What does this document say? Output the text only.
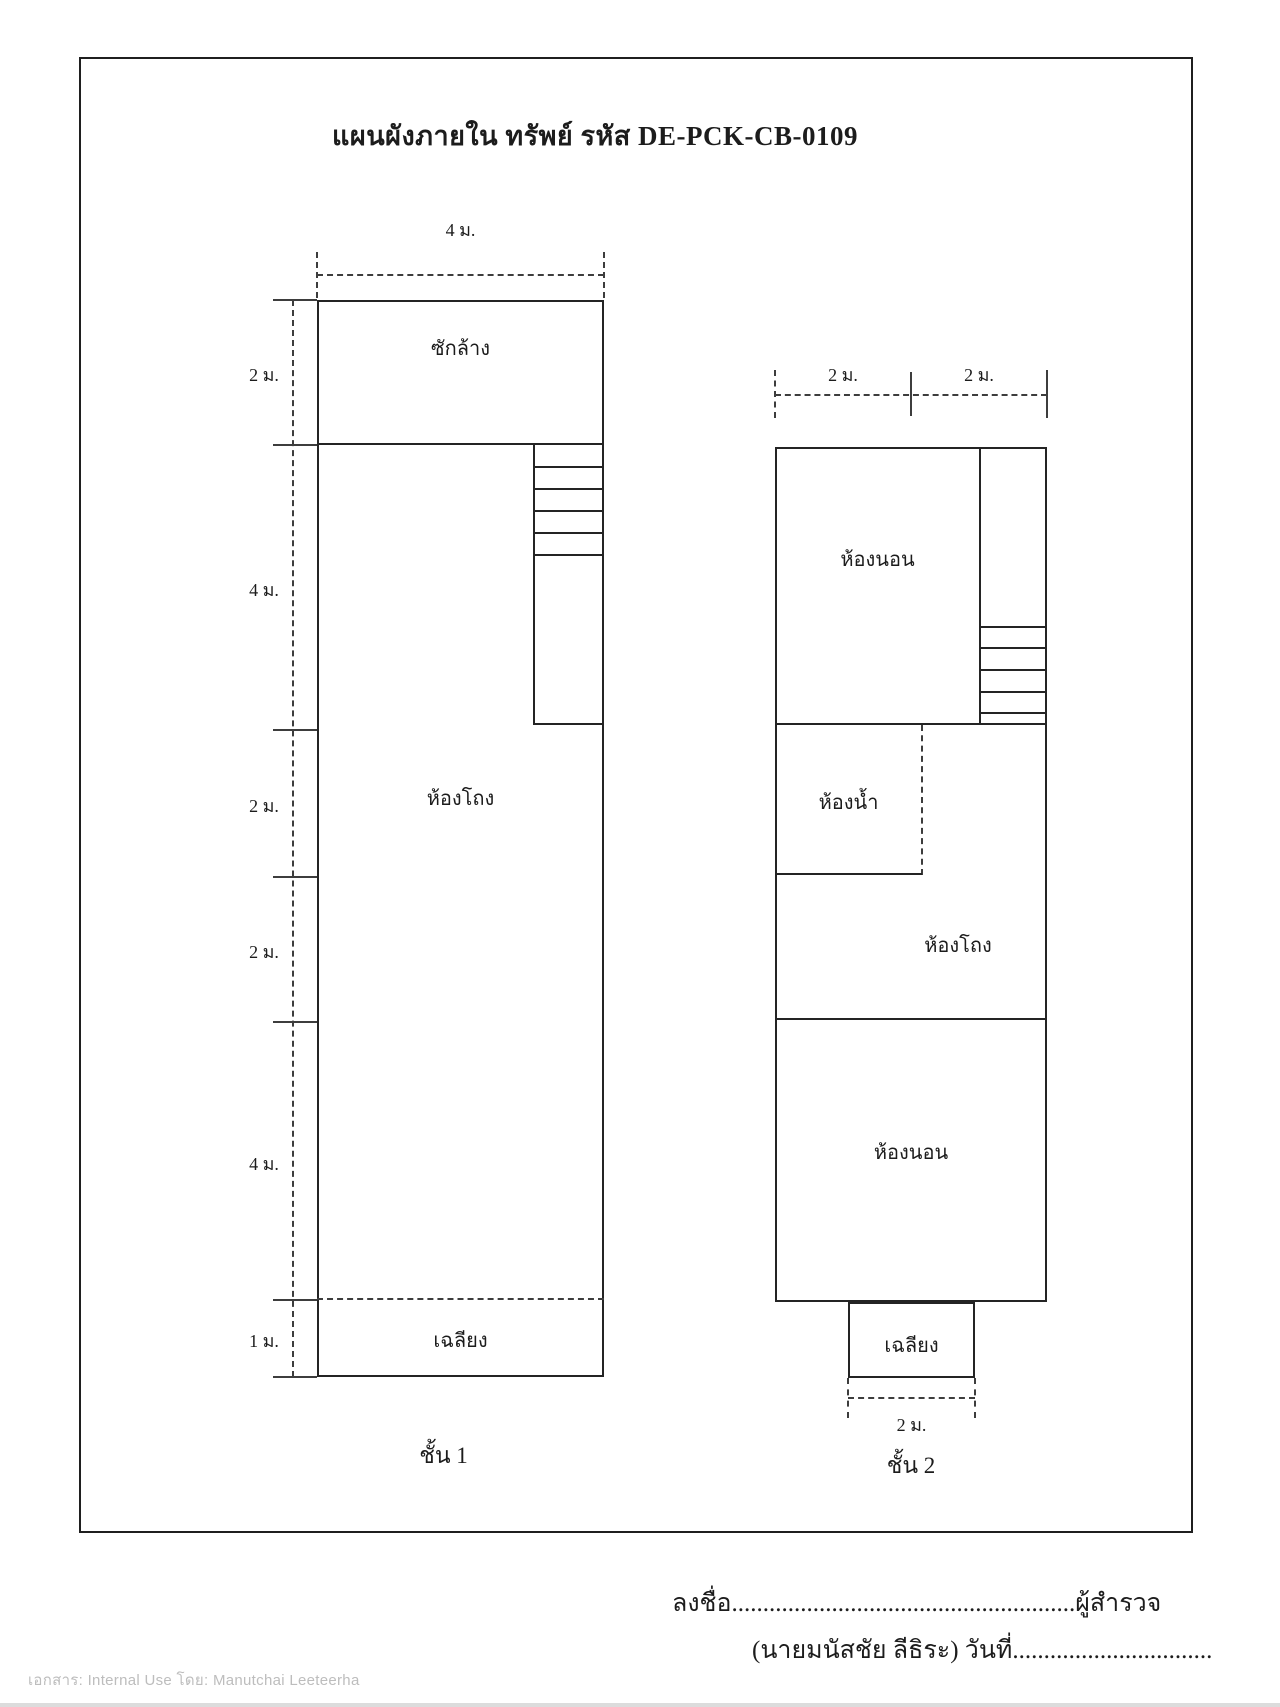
แผนผังภายใน ทรัพย์ รหัส DE-PCK-CB-0109
4 ม.
2 ม.
4 ม.
2 ม.
2 ม.
4 ม.
1 ม.
ซักล้าง
ห้องโถง
เฉลียง
ชั้น 1
2 ม.	2 ม.
ห้องนอน
ห้องน้ำ
ห้องโถง
ห้องนอน
เฉลียง
2 ม.
ชั้น 2
ลงชื่อ.......................................................ผู้สำรวจ
(นายมนัสชัย ลีธิระ) วันที่................................
เอกสาร: Internal Use โดย: Manutchai Leeteerha
